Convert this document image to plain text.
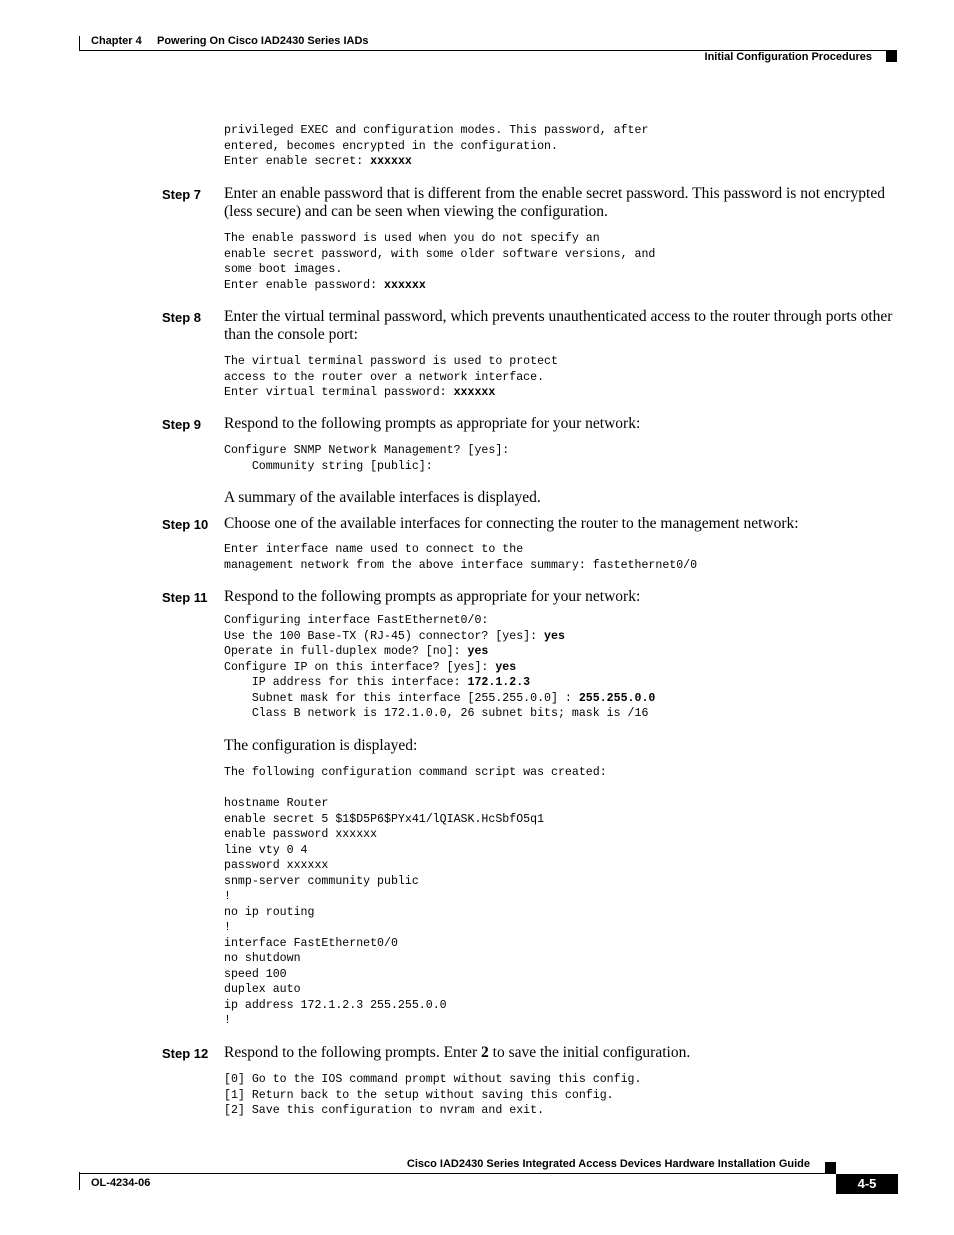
Chapter 4 Powering On Cisco IAD2430 Series IADs
Initial Configuration Procedures
privileged EXEC and configuration modes. This password, after
entered, becomes encrypted in the configuration.
Enter enable secret: xxxxxx
Step 7 Enter an enable password that is different from the enable secret password. This password is not encrypted (less secure) and can be seen when viewing the configuration.
The enable password is used when you do not specify an
enable secret password, with some older software versions, and
some boot images.
Enter enable password: xxxxxx
Step 8 Enter the virtual terminal password, which prevents unauthenticated access to the router through ports other than the console port:
The virtual terminal password is used to protect
access to the router over a network interface.
Enter virtual terminal password: xxxxxx
Step 9 Respond to the following prompts as appropriate for your network:
Configure SNMP Network Management? [yes]:
Community string [public]:
A summary of the available interfaces is displayed.
Step 10 Choose one of the available interfaces for connecting the router to the management network:
Enter interface name used to connect to the
management network from the above interface summary: fastethernet0/0
Step 11 Respond to the following prompts as appropriate for your network:
Configuring interface FastEthernet0/0:
Use the 100 Base-TX (RJ-45) connector? [yes]: yes
Operate in full-duplex mode? [no]: yes
Configure IP on this interface? [yes]: yes
IP address for this interface: 172.1.2.3
Subnet mask for this interface [255.255.0.0] : 255.255.0.0
Class B network is 172.1.0.0, 26 subnet bits; mask is /16
The configuration is displayed:
The following configuration command script was created:

hostname Router
enable secret 5 $1$D5P6$PYx41/lQIASK.HcSbfO5q1
enable password xxxxxx
line vty 0 4
password xxxxxx
snmp-server community public
!
no ip routing
!
interface FastEthernet0/0
no shutdown
speed 100
duplex auto
ip address 172.1.2.3 255.255.0.0
!
Step 12 Respond to the following prompts. Enter 2 to save the initial configuration.
[0] Go to the IOS command prompt without saving this config.
[1] Return back to the setup without saving this config.
[2] Save this configuration to nvram and exit.
Cisco IAD2430 Series Integrated Access Devices Hardware Installation Guide
OL-4234-06	4-5
